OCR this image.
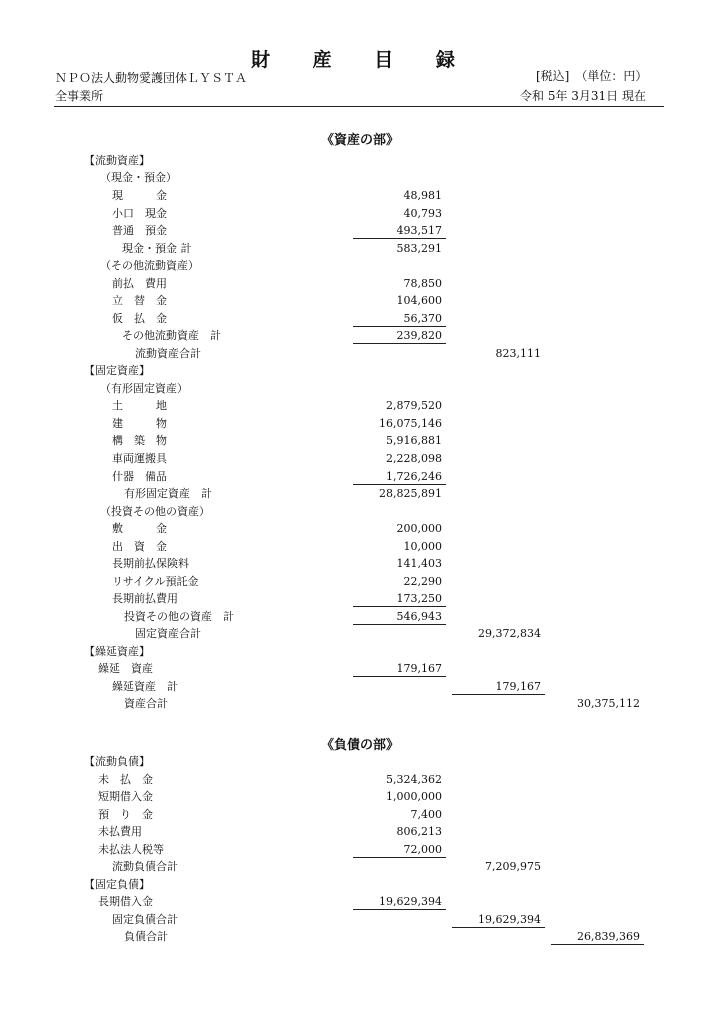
財 産 目 録
ＮＰＯ法人動物愛護団体ＬＹＳＴＡ	[税込]　（単位：円）
全事業所	令和 5年 3月31日 現在
《資産の部》
《負債の部》
【流動資産】
（現金・預金）
現　　　金	48,981
小口　現金	40,793
普通　預金	493,517
現金・預金 計	583,291
（その他流動資産）
前払　費用	78,850
立　替　金	104,600
仮　払　金	56,370
その他流動資産　計	239,820
流動資産合計	823,111
【固定資産】
（有形固定資産）
土　　　地	2,879,520
建　　　物	16,075,146
構　築　物	5,916,881
車両運搬具	2,228,098
什器　備品	1,726,246
有形固定資産　計	28,825,891
（投資その他の資産）
敷　　　金	200,000
出　資　金	10,000
長期前払保険料	141,403
リサイクル預託金	22,290
長期前払費用	173,250
投資その他の資産　計	546,943
固定資産合計	29,372,834
【繰延資産】
繰延　資産	179,167
繰延資産　計	179,167
資産合計	30,375,112
【流動負債】
未　払　金	5,324,362
短期借入金	1,000,000
預　り　金	7,400
未払費用	806,213
未払法人税等	72,000
流動負債合計	7,209,975
【固定負債】
長期借入金	19,629,394
固定負債合計	19,629,394
負債合計	26,839,369
